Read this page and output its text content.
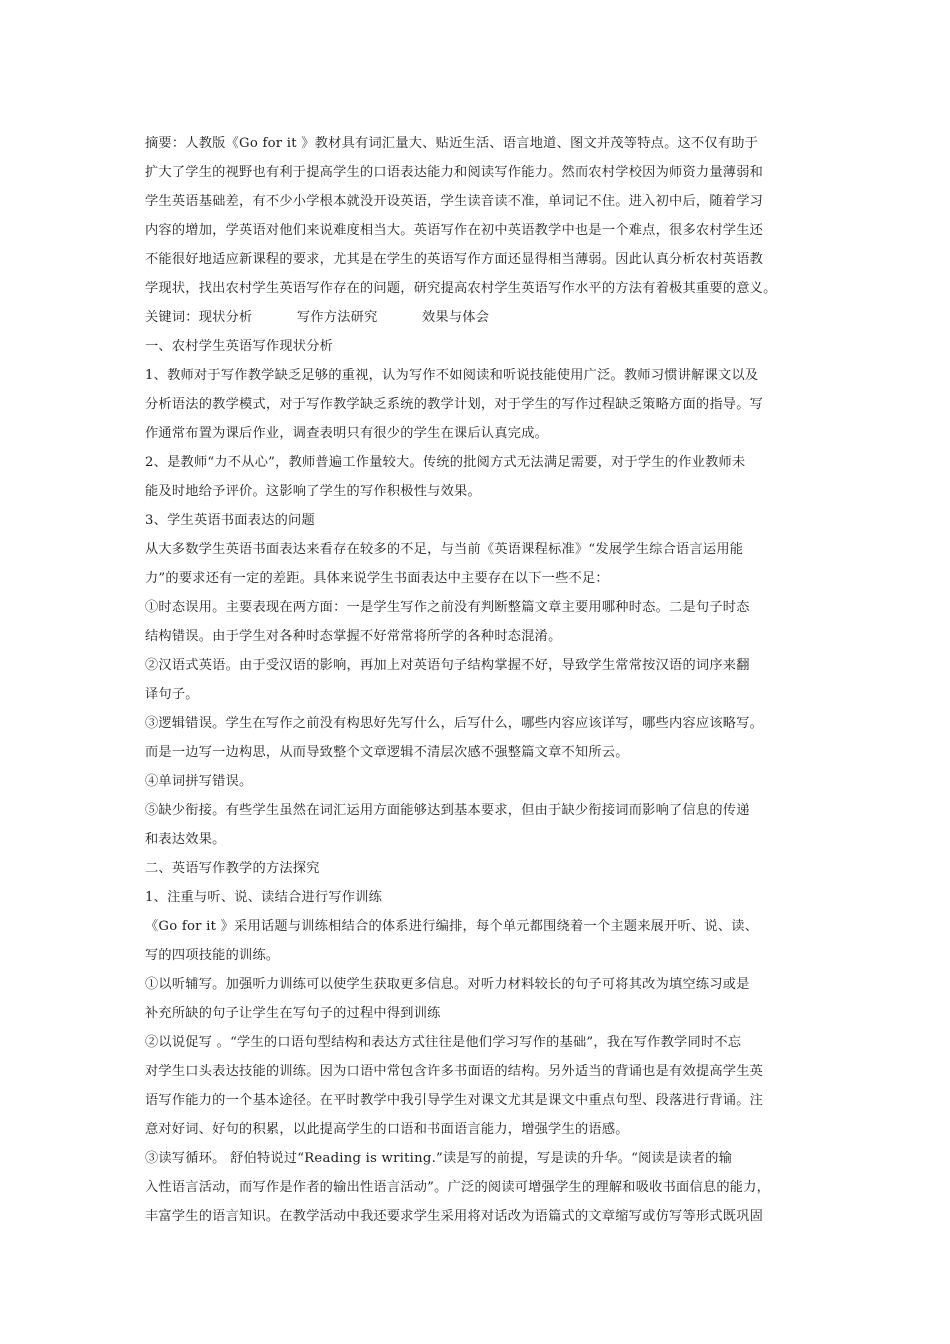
摘要：人教版《Go for it 》教材具有词汇量大、贴近生活、语言地道、图文并茂等特点。这不仅有助于
扩大了学生的视野也有利于提高学生的口语表达能力和阅读写作能力。然而农村学校因为师资力量薄弱和
学生英语基础差，有不少小学根本就没开设英语，学生读音读不准，单词记不住。进入初中后，随着学习
内容的增加，学英语对他们来说难度相当大。英语写作在初中英语教学中也是一个难点，很多农村学生还
不能很好地适应新课程的要求，尤其是在学生的英语写作方面还显得相当薄弱。因此认真分析农村英语教
学现状，找出农村学生英语写作存在的问题，研究提高农村学生英语写作水平的方法有着极其重要的意义。
关键词：现状分析          写作方法研究          效果与体会
一、农村学生英语写作现状分析
1、教师对于写作教学缺乏足够的重视，认为写作不如阅读和听说技能使用广泛。教师习惯讲解课文以及
分析语法的教学模式，对于写作教学缺乏系统的教学计划，对于学生的写作过程缺乏策略方面的指导。写
作通常布置为课后作业，调查表明只有很少的学生在课后认真完成。
2、是教师“力不从心”，教师普遍工作量较大。传统的批阅方式无法满足需要，对于学生的作业教师未
能及时地给予评价。这影响了学生的写作积极性与效果。
3、学生英语书面表达的问题
从大多数学生英语书面表达来看存在较多的不足，与当前《英语课程标准》“发展学生综合语言运用能
力”的要求还有一定的差距。具体来说学生书面表达中主要存在以下一些不足：
①时态误用。主要表现在两方面：一是学生写作之前没有判断整篇文章主要用哪种时态。二是句子时态
结构错误。由于学生对各种时态掌握不好常常将所学的各种时态混淆。
②汉语式英语。由于受汉语的影响，再加上对英语句子结构掌握不好，导致学生常常按汉语的词序来翻
译句子。
③逻辑错误。学生在写作之前没有构思好先写什么，后写什么，哪些内容应该详写，哪些内容应该略写。
而是一边写一边构思，从而导致整个文章逻辑不清层次感不强整篇文章不知所云。
④单词拼写错误。
⑤缺少衔接。有些学生虽然在词汇运用方面能够达到基本要求，但由于缺少衔接词而影响了信息的传递
和表达效果。
二、英语写作教学的方法探究
1、注重与听、说、读结合进行写作训练
《Go for it 》采用话题与训练相结合的体系进行编排，每个单元都围绕着一个主题来展开听、说、读、
写的四项技能的训练。
①以听辅写。加强听力训练可以使学生获取更多信息。对听力材料较长的句子可将其改为填空练习或是
补充所缺的句子让学生在写句子的过程中得到训练
②以说促写 。“学生的口语句型结构和表达方式往往是他们学习写作的基础”，我在写作教学同时不忘
对学生口头表达技能的训练。因为口语中常包含许多书面语的结构。另外适当的背诵也是有效提高学生英
语写作能力的一个基本途径。在平时教学中我引导学生对课文尤其是课文中重点句型、段落进行背诵。注
意对好词、好句的积累，以此提高学生的口语和书面语言能力，增强学生的语感。
③读写循环。 舒伯特说过“Reading is writing.”读是写的前提，写是读的升华。“阅读是读者的输
入性语言活动，而写作是作者的输出性语言活动”。广泛的阅读可增强学生的理解和吸收书面信息的能力，
丰富学生的语言知识。在教学活动中我还要求学生采用将对话改为语篇式的文章缩写或仿写等形式既巩固
